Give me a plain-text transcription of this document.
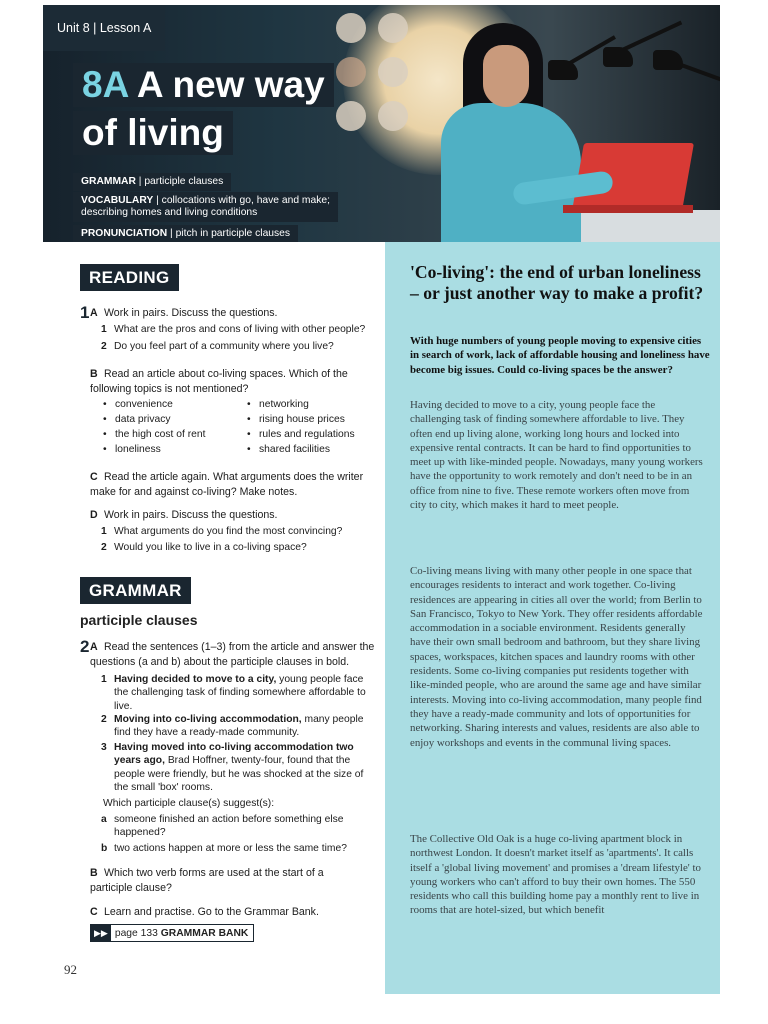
Unit 8 | Lesson A
8A A new way
of living
GRAMMAR | participle clauses
VOCABULARY | collocations with go, have and make;
describing homes and living conditions
PRONUNCIATION | pitch in participle clauses
READING
1 A Work in pairs. Discuss the questions.
1 What are the pros and cons of living with other people?
2 Do you feel part of a community where you live?
B Read an article about co-living spaces. Which of the following topics is not mentioned?
• convenience
• data privacy
• the high cost of rent
• loneliness
• networking
• rising house prices
• rules and regulations
• shared facilities
C Read the article again. What arguments does the writer make for and against co-living? Make notes.
D Work in pairs. Discuss the questions.
1 What arguments do you find the most convincing?
2 Would you like to live in a co-living space?
GRAMMAR
participle clauses
2 A Read the sentences (1–3) from the article and answer the questions (a and b) about the participle clauses in bold.
1 Having decided to move to a city, young people face the challenging task of finding somewhere affordable to live.
2 Moving into co-living accommodation, many people find they have a ready-made community.
3 Having moved into co-living accommodation two years ago, Brad Hoffner, twenty-four, found that the people were friendly, but he was shocked at the size of the small 'box' rooms.
Which participle clause(s) suggest(s):
a someone finished an action before something else happened?
b two actions happen at more or less the same time?
B Which two verb forms are used at the start of a participle clause?
C Learn and practise. Go to the Grammar Bank.
▶▶ page 133 GRAMMAR BANK
92
'Co-living': the end of urban loneliness – or just another way to make a profit?
With huge numbers of young people moving to expensive cities in search of work, lack of affordable housing and loneliness have become big issues. Could co-living spaces be the answer?
Having decided to move to a city, young people face the challenging task of finding somewhere affordable to live. They often end up living alone, working long hours and locked into expensive rental contracts. It can be hard to find opportunities to meet up with like-minded people. Nowadays, many young workers have the opportunity to work remotely and don't need to be in an office from nine to five. These remote workers often move from city to city, which makes it hard to meet people.
Co-living means living with many other people in one space that encourages residents to interact and work together. Co-living residences are appearing in cities all over the world; from Berlin to San Francisco, Tokyo to New York. They offer residents affordable accommodation in a sociable environment. Residents generally have their own small bedroom and bathroom, but they share living spaces, workspaces, kitchen spaces and laundry rooms with other residents. Some co-living companies put residents together with like-minded people, who are around the same age and have similar interests. Moving into co-living accommodation, many people find they have a ready-made community and lots of opportunities for networking. Sharing interests and values, residents are also able to enjoy workshops and events in the communal living spaces.
The Collective Old Oak is a huge co-living apartment block in northwest London. It doesn't market itself as 'apartments'. It calls itself a 'global living movement' and promises a 'dream lifestyle' to young workers who can't afford to buy their own homes. The 550 residents who call this building home pay a monthly rent to live in rooms that are hotel-sized, but which benefit
